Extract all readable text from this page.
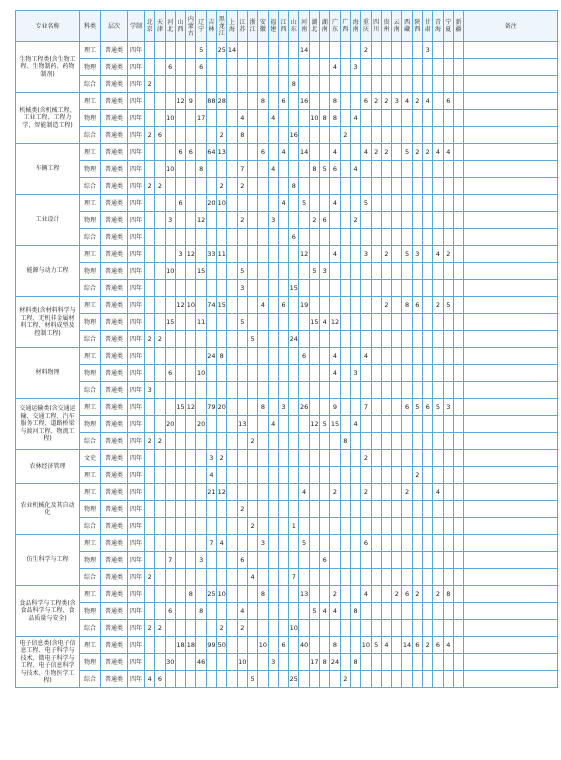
专业名称	科类	层次	学制	北京	天津	河北	山西	内蒙古	辽宁	吉林	黑龙江	上海	江苏	浙江	安徽	福建	江西	山东	河南	湖北	湖南	广东	广西	海南	重庆	四川	贵州	云南	西藏	陕西	甘肃	青海	宁夏	新疆	备注
生物工程类(含生物工程、生物制药、药物制剂)	理工	普通类	四年						5		25	14							14						2						3				
	物理	普通类	四年			6			6													4		3											
	综合	普通类	四年	2														8																	
机械类(含机械工程、工业工程、工程力学、智能制造工程)	理工	普通类	四年				12	9		88	28				8		6		16			8			6	2	2	3	4	2	4		6		
	物理	普通类	四年			10			17				4			4				10	8	8		4											
	综合	普通类	四年	2	6						2		8					16					2												
车辆工程	理工	普通类	四年				6	6		64	13				6		4		14			4			4	2	2		5	2	2	4	4		
	物理	普通类	四年			10			8				7			4				8	5	6		4											
	综合	普通类	四年	2	2						2		2					8																	
工业设计	理工	普通类	四年				6			20	10						4		5			4			5										
	物理	普通类	四年			3			12				2			3				2	6			2											
	综合	普通类	四年															6																	
能源与动力工程	理工	普通类	四年				3	12		33	11								12			4			3		2		5	3		4	2		
	物理	普通类	四年			10			15				5							5	3														
	综合	普通类	四年										3					15																	
材料类(含材料科学与工程、无机非金属材料工程、材料成型及控制工程)	理工	普通类	四年				12	10		74	15				4		6		19								2		8	6		2	5		
	物理	普通类	四年			15			11				5							15	4	12													
	综合	普通类	四年	2	2									5				24																	
材料物理	理工	普通类	四年							24	8								6			4			4										
	物理	普通类	四年			6			10													4		3											
	综合	普通类	四年	3																															
交通运输类(含交通运输、交通工程、汽车服务工程、道路桥梁与渡河工程、物流工程)	理工	普通类	四年				15	12		79	20				8		3		26			9			7				6	5	6	5	3		
	物理	普通类	四年			20			20				13			4				12	5	15		4											
	综合	普通类	四年	2	2									2									8												
农林经济管理	文史	普通类	四年							3	2														2										
	理工	普通类	四年							4																				2					
农业机械化及其自动化	理工	普通类	四年							21	12								4			2			2				2			4			
	物理	普通类	四年										2																						
	综合	普通类	四年											2				1																	
仿生科学与工程	理工	普通类	四年							7	4				3				5						6										
	物理	普通类	四年			7			3				6								6														
	综合	普通类	四年	2										4				7																	
食品科学与工程类(含食品科学与工程、食品质量与安全)	理工	普通类	四年					8		25	10				8				13			2			4			2	6	2		2	8		
	物理	普通类	四年			6			8				4							5	4	4		8											
	综合	普通类	四年	2	2						2		2					10																	
电子信息类(含电子信息工程、电子科学与技术、微电子科学与工程、电子信息科学与技术、生物医学工程)	理工	普通类	四年				18	18		99	50				10		6		40			8			10	5	4		14	6	2	6	4		
	物理	普通类	四年			30			46				10			3				17	8	24		8											
	综合	普通类	四年	4	6									5				25					2												
